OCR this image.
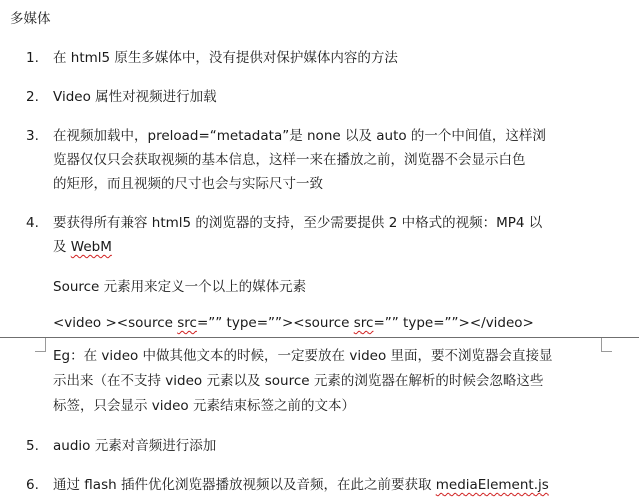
多媒体
1. 在 html5 原生多媒体中，没有提供对保护媒体内容的方法
2. Video 属性对视频进行加载
3. 在视频加载中，preload=“metadata”是 none 以及 auto 的一个中间值，这样浏
览器仅仅只会获取视频的基本信息，这样一来在播放之前，浏览器不会显示白色
的矩形，而且视频的尺寸也会与实际尺寸一致
4. 要获得所有兼容 html5 的浏览器的支持，至少需要提供 2 中格式的视频：MP4 以
及 WebM
Source 元素用来定义一个以上的媒体元素
<video ><source src=”” type=””><source src=”” type=””></video>
Eg：在 video 中做其他文本的时候，一定要放在 video 里面，要不浏览器会直接显
示出来（在不支持 video 元素以及 source 元素的浏览器在解析的时候会忽略这些
标签，只会显示 video 元素结束标签之前的文本）
5. audio 元素对音频进行添加
6. 通过 flash 插件优化浏览器播放视频以及音频，在此之前要获取 mediaElement.js
